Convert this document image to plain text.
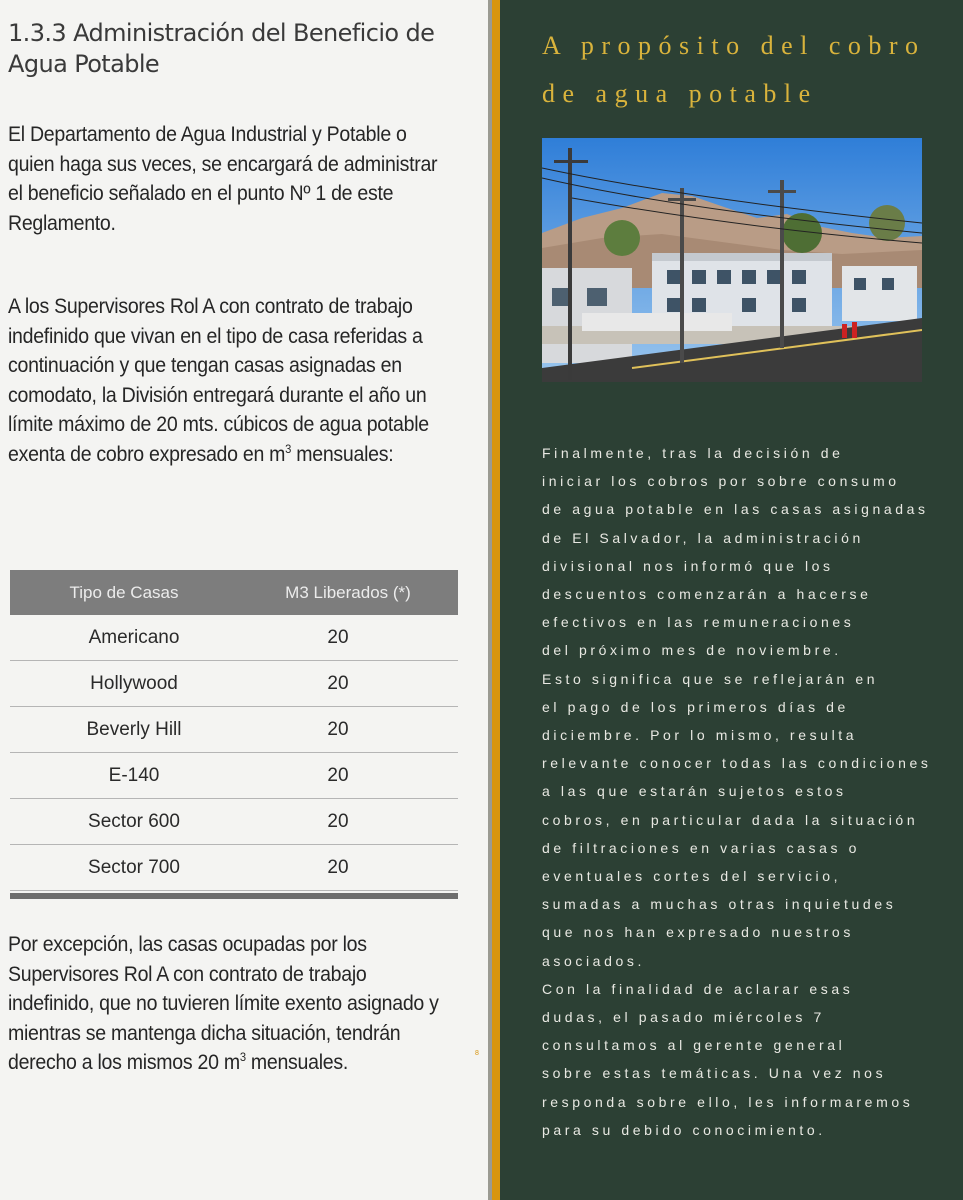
1.3.3 Administración del Beneficio de Agua Potable
El Departamento de Agua Industrial y Potable o quien haga sus veces, se encargará de administrar el beneficio señalado en el punto Nº 1 de este Reglamento.
A los Supervisores Rol A con contrato de trabajo indefinido que vivan en el tipo de casa referidas a continuación y que tengan casas asignadas en comodato, la División entregará durante el año un límite máximo de 20 mts. cúbicos de agua potable exenta de cobro expresado en $m^3$ mensuales:
Tipo de Casas	M3 Liberados (*)
Americano	20
Hollywood	20
Beverly Hill	20
E-140	20
Sector 600	20
Sector 700	20
Por excepción, las casas ocupadas por los Supervisores Rol A con contrato de trabajo indefinido, que no tuvieren límite exento asignado y mientras se mantenga dicha situación, tendrán derecho a los mismos 20 $m^3$ mensuales.	8
A propósito del cobro de agua potable
Finalmente, tras la decisión de
iniciar los cobros por sobre consumo
de agua potable en las casas asignadas
de El Salvador, la administración
divisional nos informó que los
descuentos comenzarán a hacerse
efectivos en las remuneraciones
del próximo mes de noviembre.
Esto significa que se reflejarán en
el pago de los primeros días de
diciembre. Por lo mismo, resulta
relevante conocer todas las condiciones
a las que estarán sujetos estos
cobros, en particular dada la situación
de filtraciones en varias casas o
eventuales cortes del servicio,
sumadas a muchas otras inquietudes
que nos han expresado nuestros
asociados.
Con la finalidad de aclarar esas
dudas, el pasado miércoles 7
consultamos al gerente general
sobre estas temáticas. Una vez nos
responda sobre ello, les informaremos
para su debido conocimiento.
